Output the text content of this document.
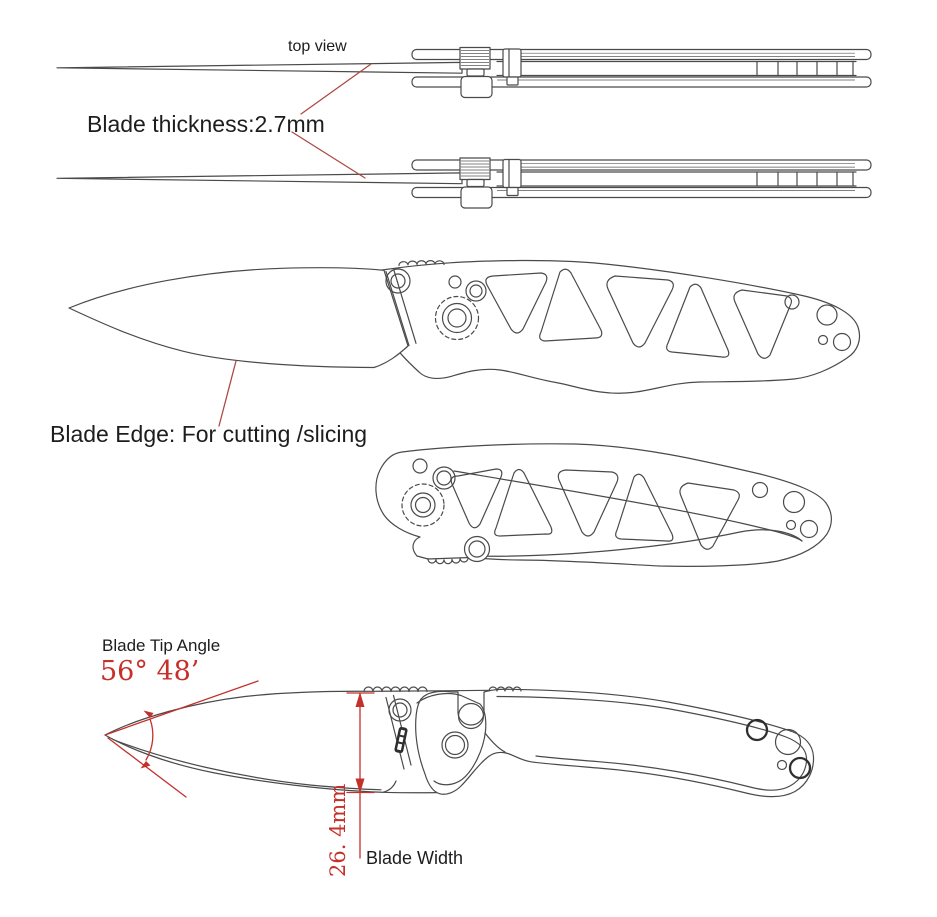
top view
Blade thickness:2.7mm
Blade Edge: For cutting /slicing
Blade Tip Angle
56° 48’
26. 4mm Blade Width
